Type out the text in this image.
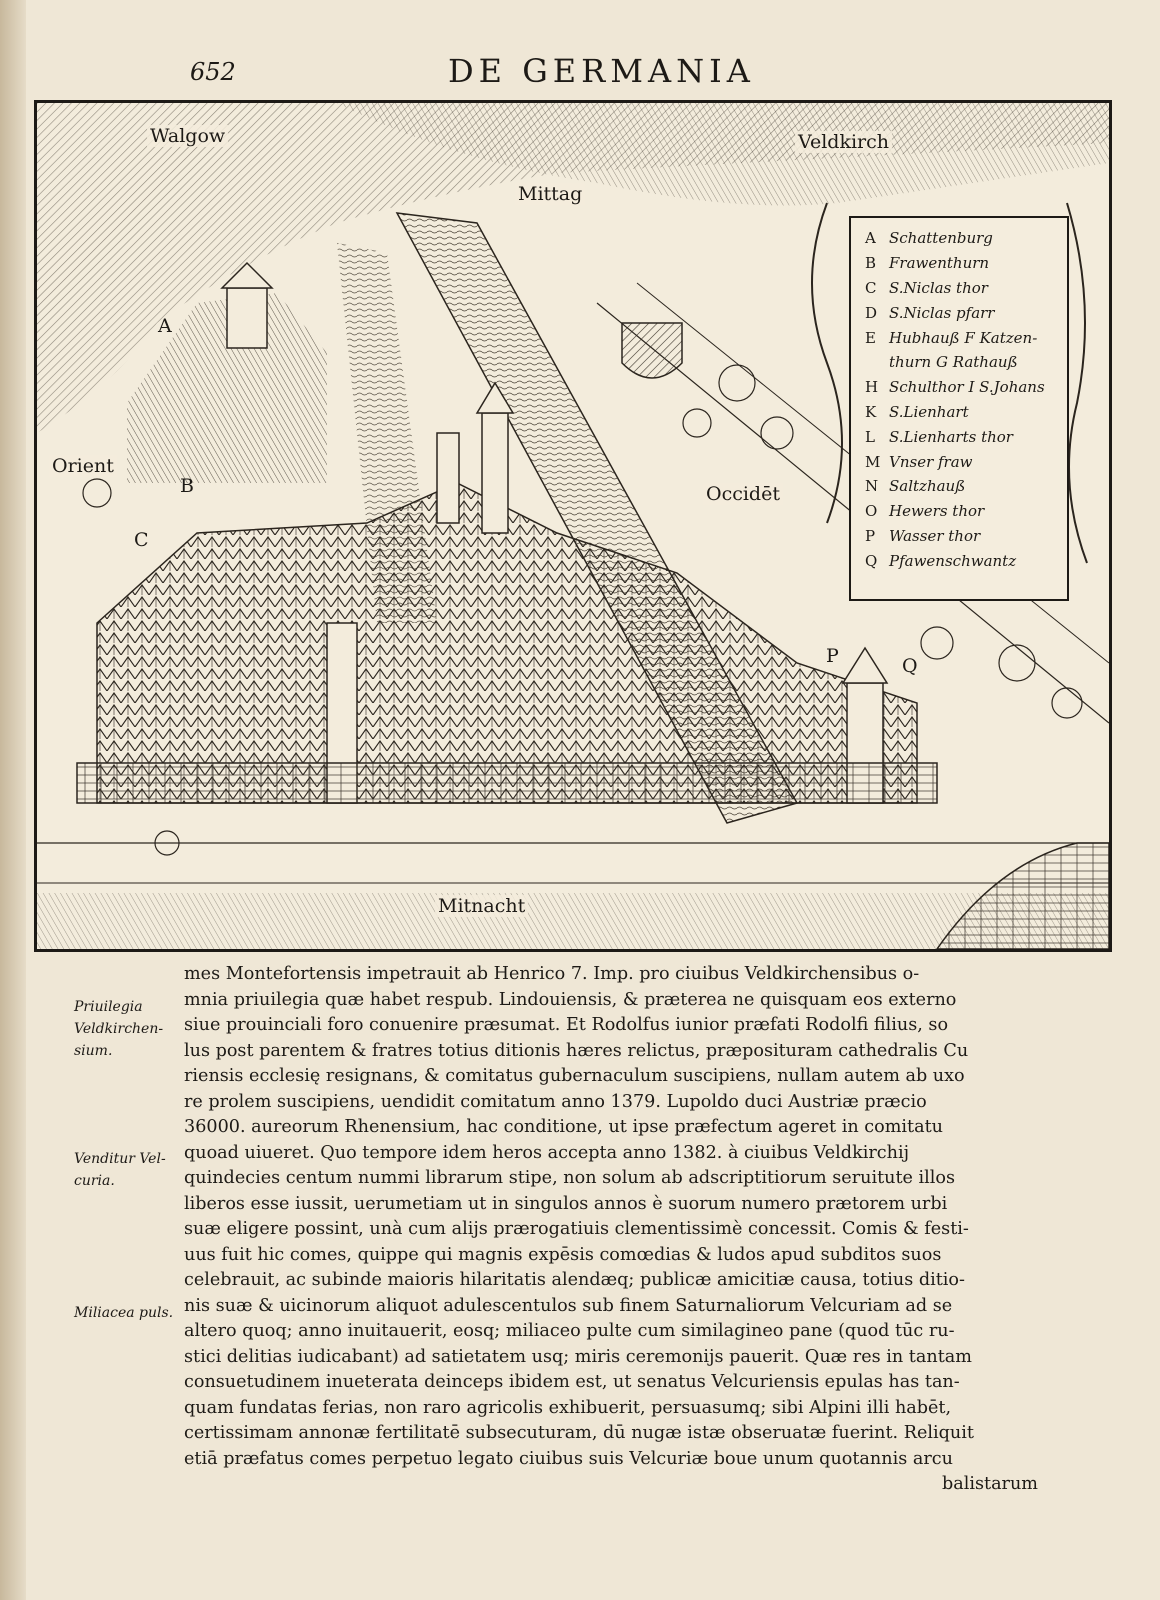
652	DE GERMANIA
Walgow	Veldkirch
Mittag
Orient
Occidēt
Mitnacht
A
B
C
P	Q
A Schattenburg
B Frawenthurn
C S.Niclas thor
D S.Niclas pfarr
E Hubhauß F Katzen-
thurn G Rathauß
H Schulthor I S.Johans
K S.Lienhart
L S.Lienharts thor
M Vnser fraw
N Saltzhauß
O Hewers thor
P Wasser thor
Q Pfawenschwantz
Priuilegia Veldkirchen-sium.
Venditur Vel-curia.
Miliacea puls.
mes Montefortensis impetrauit ab Henrico 7. Imp. pro ciuibus Veldkirchensibus o-
mnia priuilegia quæ habet respub. Lindouiensis, & præterea ne quisquam eos externo
siue prouinciali foro conuenire præsumat. Et Rodolfus iunior præfati Rodolfi filius, so
lus post parentem & fratres totius ditionis hæres relictus, præposituram cathedralis Cu
riensis ecclesię resignans, & comitatus gubernaculum suscipiens, nullam autem ab uxo
re prolem suscipiens, uendidit comitatum anno 1379. Lupoldo duci Austriæ præcio
36000. aureorum Rhenensium, hac conditione, ut ipse præfectum ageret in comitatu
quoad uiueret. Quo tempore idem heros accepta anno 1382. à ciuibus Veldkirchij
quindecies centum nummi librarum stipe, non solum ab adscriptitiorum seruitute illos
liberos esse iussit, uerumetiam ut in singulos annos è suorum numero prætorem urbi
suæ eligere possint, unà cum alijs prærogatiuis clementissimè concessit. Comis & festi-
uus fuit hic comes, quippe qui magnis expēsis comœdias & ludos apud subditos suos
celebrauit, ac subinde maioris hilaritatis alendæq; publicæ amicitiæ causa, totius ditio-
nis suæ & uicinorum aliquot adulescentulos sub finem Saturnaliorum Velcuriam ad se
altero quoq; anno inuitauerit, eosq; miliaceo pulte cum similagineo pane (quod tūc ru-
stici delitias iudicabant) ad satietatem usq; miris ceremonijs pauerit. Quæ res in tantam
consuetudinem inueterata deinceps ibidem est, ut senatus Velcuriensis epulas has tan-
quam fundatas ferias, non raro agricolis exhibuerit, persuasumq; sibi Alpini illi habēt,
certissimam annonæ fertilitatē subsecuturam, dū nugæ istæ obseruatæ fuerint. Reliquit
etiā præfatus comes perpetuo legato ciuibus suis Velcuriæ boue unum quotannis arcu
balistarum
